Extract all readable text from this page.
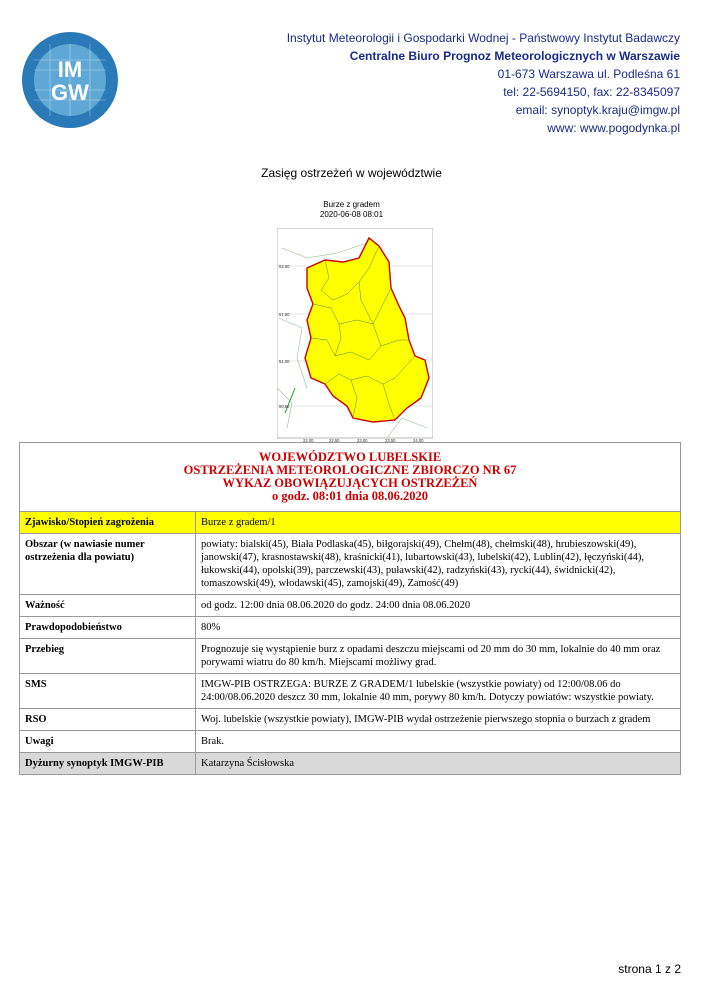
IM
GW
Instytut Meteorologii i Gospodarki Wodnej - Państwowy Instytut Badawczy
Centralne Biuro Prognoz Meteorologicznych w Warszawie
01-673 Warszawa ul. Podleśna 61
tel: 22-5694150, fax: 22-8345097
email: synoptyk.kraju@imgw.pl
www: www.pogodynka.pl
Zasięg ostrzeżeń w województwie
Burze z gradem
2020-06-08 08:01
52.00
51.50
51.00
50.50
22.00	22.50	23.00	23.50	24.00
WOJEWÓDZTWO LUBELSKIE
OSTRZEŻENIA METEOROLOGICZNE ZBIORCZO NR 67
WYKAZ OBOWIĄZUJĄCYCH OSTRZEŻEŃ
o godz. 08:01 dnia 08.06.2020	

Zjawisko/Stopień zagrożenia	Burze z gradem/1
Obszar (w nawiasie numer ostrzeżenia dla powiatu)	powiaty: bialski(45), Biała Podlaska(45), biłgorajski(49), Chełm(48), chełmski(48), hrubieszowski(49), janowski(47), krasnostawski(48), kraśnicki(41), lubartowski(43), lubelski(42), Lublin(42), łęczyński(44), łukowski(44), opolski(39), parczewski(43), puławski(42), radzyński(43), rycki(44), świdnicki(42), tomaszowski(49), włodawski(45), zamojski(49), Zamość(49)
Ważność	od godz. 12:00 dnia 08.06.2020 do godz. 24:00 dnia 08.06.2020
Prawdopodobieństwo	80%
Przebieg	Prognozuje się wystąpienie burz z opadami deszczu miejscami od 20 mm do 30 mm, lokalnie do 40 mm oraz porywami wiatru do 80 km/h. Miejscami możliwy grad.
SMS	IMGW-PIB OSTRZEGA: BURZE Z GRADEM/1 lubelskie (wszystkie powiaty) od 12:00/08.06 do 24:00/08.06.2020 deszcz 30 mm, lokalnie 40 mm, porywy 80 km/h. Dotyczy powiatów: wszystkie powiaty.
RSO	Woj. lubelskie (wszystkie powiaty), IMGW-PIB wydał ostrzeżenie pierwszego stopnia o burzach z gradem
Uwagi	Brak.
Dyżurny synoptyk IMGW-PIB	Katarzyna Ścisłowska
strona 1 z 2
